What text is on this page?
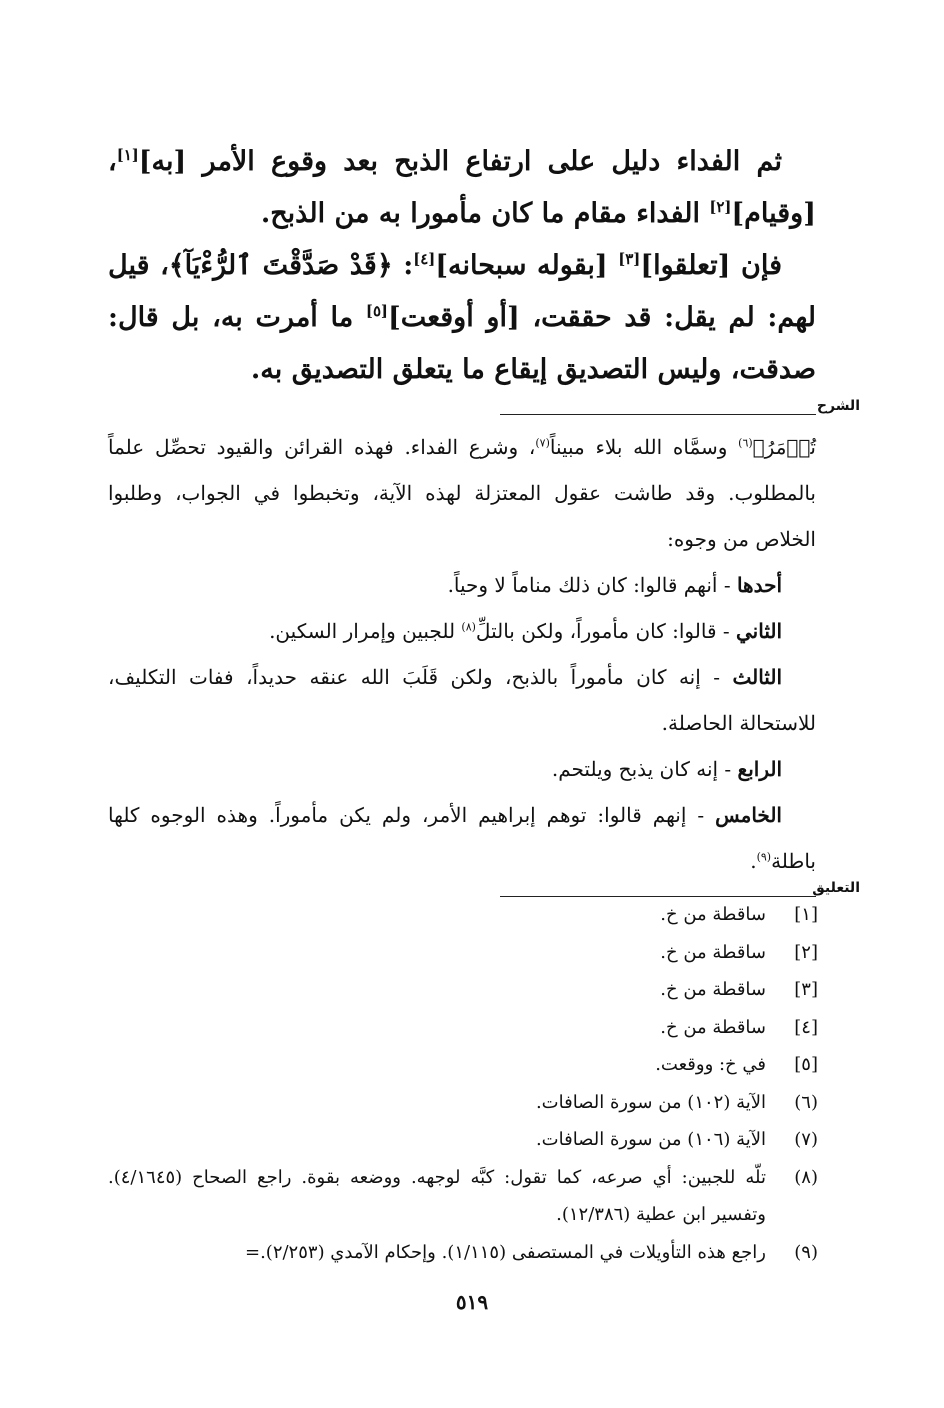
ثم الفداء دليل على ارتفاع الذبح بعد وقوع الأمر [به][١]، [وقيام][٢] الفداء مقام ما كان مأمورا به من الذبح.

فإن [تعلقوا][٣] [بقوله سبحانه][٤]: ﴿قَدْ صَدَّقْتَ ٱلرُّءْيَآ﴾، قيل لهم: لم يقل: قد حققت، [أو أوقعت][٥] ما أمرت به، بل قال: صدقت، وليس التصديق إيقاع ما يتعلق التصديق به.

الشرح

تُؤۡمَرُ﴾$^{(٦)}$ وسمَّاه الله بلاء مبيناً$^{(٧)}$، وشرع الفداء. فهذه القرائن والقيود تحصِّل علماً بالمطلوب. وقد طاشت عقول المعتزلة لهذه الآية، وتخبطوا في الجواب، وطلبوا الخلاص من وجوه:

أحدها - أنهم قالوا: كان ذلك مناماً لا وحياً.

الثاني - قالوا: كان مأموراً، ولكن بالتلِّ$^{(٨)}$ للجبين وإمرار السكين.

الثالث - إنه كان مأموراً بالذبح، ولكن قَلَبَ الله عنقه حديداً، ففات التكليف، للاستحالة الحاصلة.

الرابع - إنه كان يذبح ويلتحم.

الخامس - إنهم قالوا: توهم إبراهيم الأمر، ولم يكن مأموراً. وهذه الوجوه كلها باطلة$^{(٩)}$.

التعليق
[١]
ساقطة من خ.
[٢]
ساقطة من خ.
[٣]
ساقطة من خ.
[٤]
ساقطة من خ.
[٥]
في خ: ووقعت.
(٦)
الآية (١٠٢) من سورة الصافات.
(٧)
الآية (١٠٦) من سورة الصافات.
(٨)
تلّه للجبين: أي صرعه، كما تقول: كبَّه لوجهه. ووضعه بقوة. راجع الصحاح (٤/١٦٤٥). وتفسير ابن عطية (١٢/٣٨٦).
(٩)
راجع هذه التأويلات في المستصفى (١/١١٥). وإحكام الآمدي (٢/٢٥٣).=
٥١٩
